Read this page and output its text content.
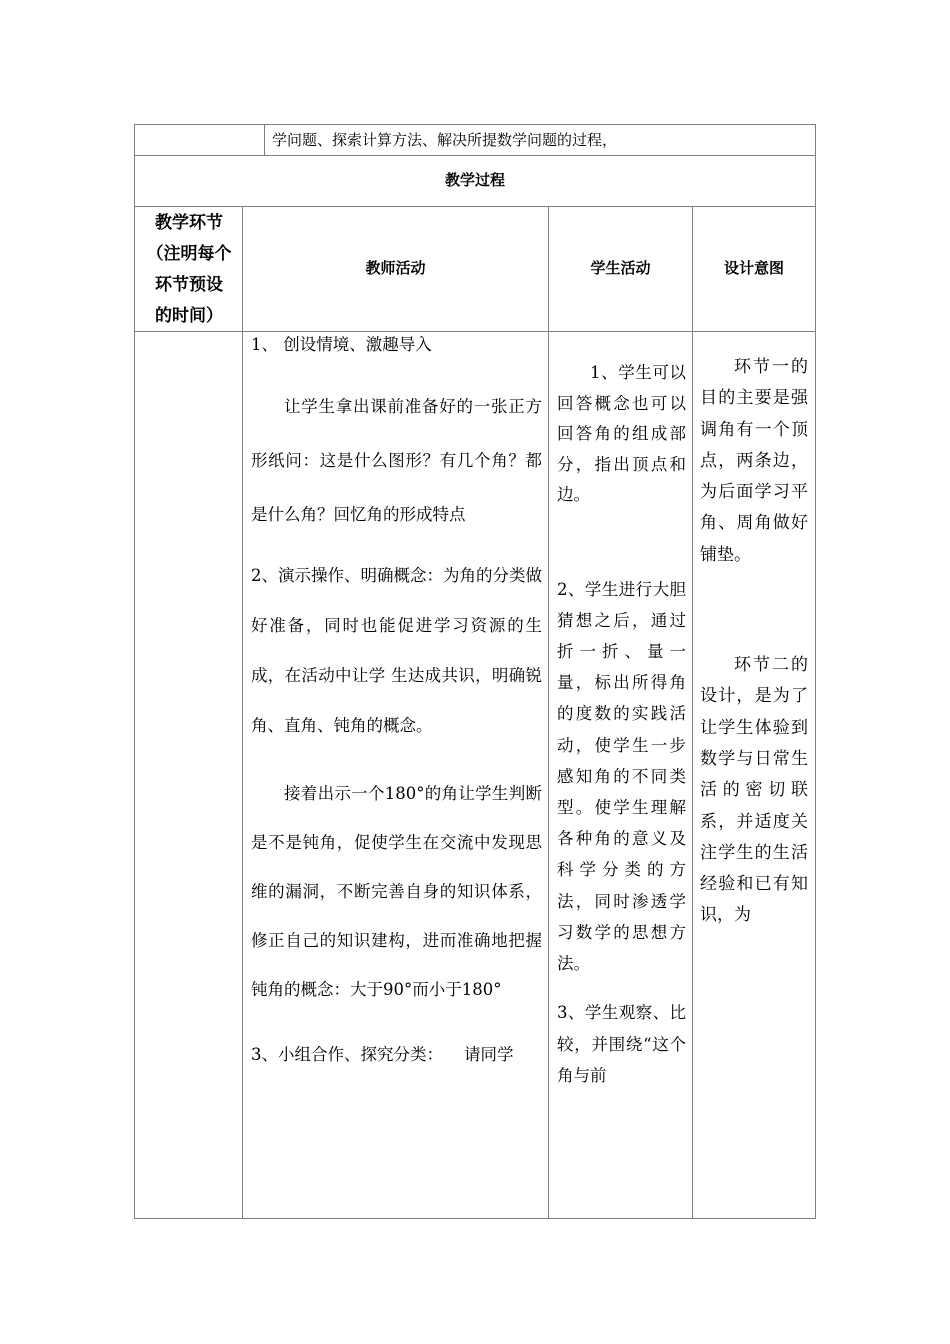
学问题、探索计算方法、解决所提数学问题的过程，
教学过程
教学环节
（注明每个
环节预设
的时间）
教师活动	学生活动	设计意图

1、 创设情境、激趣导入

让学生拿出课前准备好的一张正方形纸问：这是什么图形？有几个角？都是什么角？回忆角的形成特点

2、演示操作、明确概念：为角的分类做好准备，同时也能促进学习资源的生成，在活动中让学 生达成共识，明确锐角、直角、钝角的概念。

接着出示一个180°的角让学生判断是不是钝角，促使学生在交流中发现思维的漏洞，不断完善自身的知识体系，修正自己的知识建构，进而准确地把握钝角的概念：大于90°而小于180°

3、小组合作、探究分类：    请同学

1、学生可以回答概念也可以回答角的组成部分，指出顶点和边。

2、学生进行大胆猜想之后，通过折一折、量一量，标出所得角的度数的实践活动，使学生一步感知角的不同类型。使学生理解各种角的意义及科学分类的方法，同时渗透学习数学的思想方法。

3、学生观察、比较，并围绕“这个角与前

环节一的目的主要是强调角有一个顶点，两条边，为后面学习平角、周角做好铺垫。

环节二的设计，是为了让学生体验到数学与日常生活的密切联系，并适度关注学生的生活经验和已有知识，为
